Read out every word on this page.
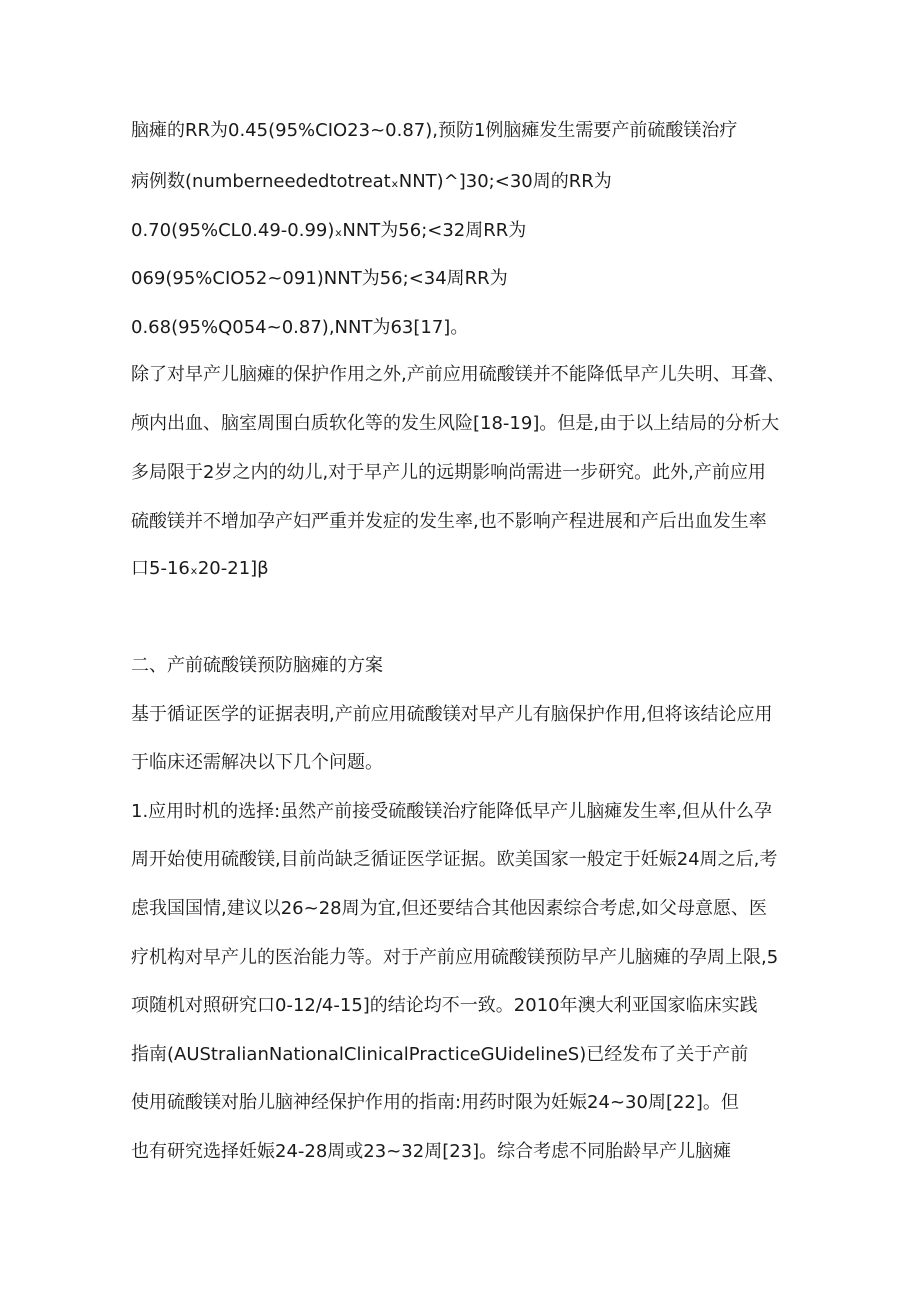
脑瘫的RR为0.45(95%CIO23~0.87),预防1例脑瘫发生需要产前硫酸镁治疗
病例数(numberneededtotreatₓNNT)^]30;<30周的RR为
0.70(95%CL0.49-0.99)ₓNNT为56;<32周RR为
069(95%CIO52~091)NNT为56;<34周RR为
0.68(95%Q054~0.87),NNT为63[17]。
除了对早产儿脑瘫的保护作用之外,产前应用硫酸镁并不能降低早产儿失明、耳聋、
颅内出血、脑室周围白质软化等的发生风险[18-19]。但是,由于以上结局的分析大
多局限于2岁之内的幼儿,对于早产儿的远期影响尚需进一步研究。此外,产前应用
硫酸镁并不增加孕产妇严重并发症的发生率,也不影响产程进展和产后出血发生率
口5-16ₓ20-21]β
二、产前硫酸镁预防脑瘫的方案
基于循证医学的证据表明,产前应用硫酸镁对早产儿有脑保护作用,但将该结论应用
于临床还需解决以下几个问题。
1.应用时机的选择:虽然产前接受硫酸镁治疗能降低早产儿脑瘫发生率,但从什么孕
周开始使用硫酸镁,目前尚缺乏循证医学证据。欧美国家一般定于妊娠24周之后,考
虑我国国情,建议以26~28周为宜,但还要结合其他因素综合考虑,如父母意愿、医
疗机构对早产儿的医治能力等。对于产前应用硫酸镁预防早产儿脑瘫的孕周上限,5
项随机对照研究口0-12/4-15]的结论均不一致。2010年澳大利亚国家临床实践
指南(AUStralianNationalClinicalPracticeGUidelineS)已经发布了关于产前
使用硫酸镁对胎儿脑神经保护作用的指南:用药时限为妊娠24~30周[22]。但
也有研究选择妊娠24-28周或23~32周[23]。综合考虑不同胎龄早产儿脑瘫
